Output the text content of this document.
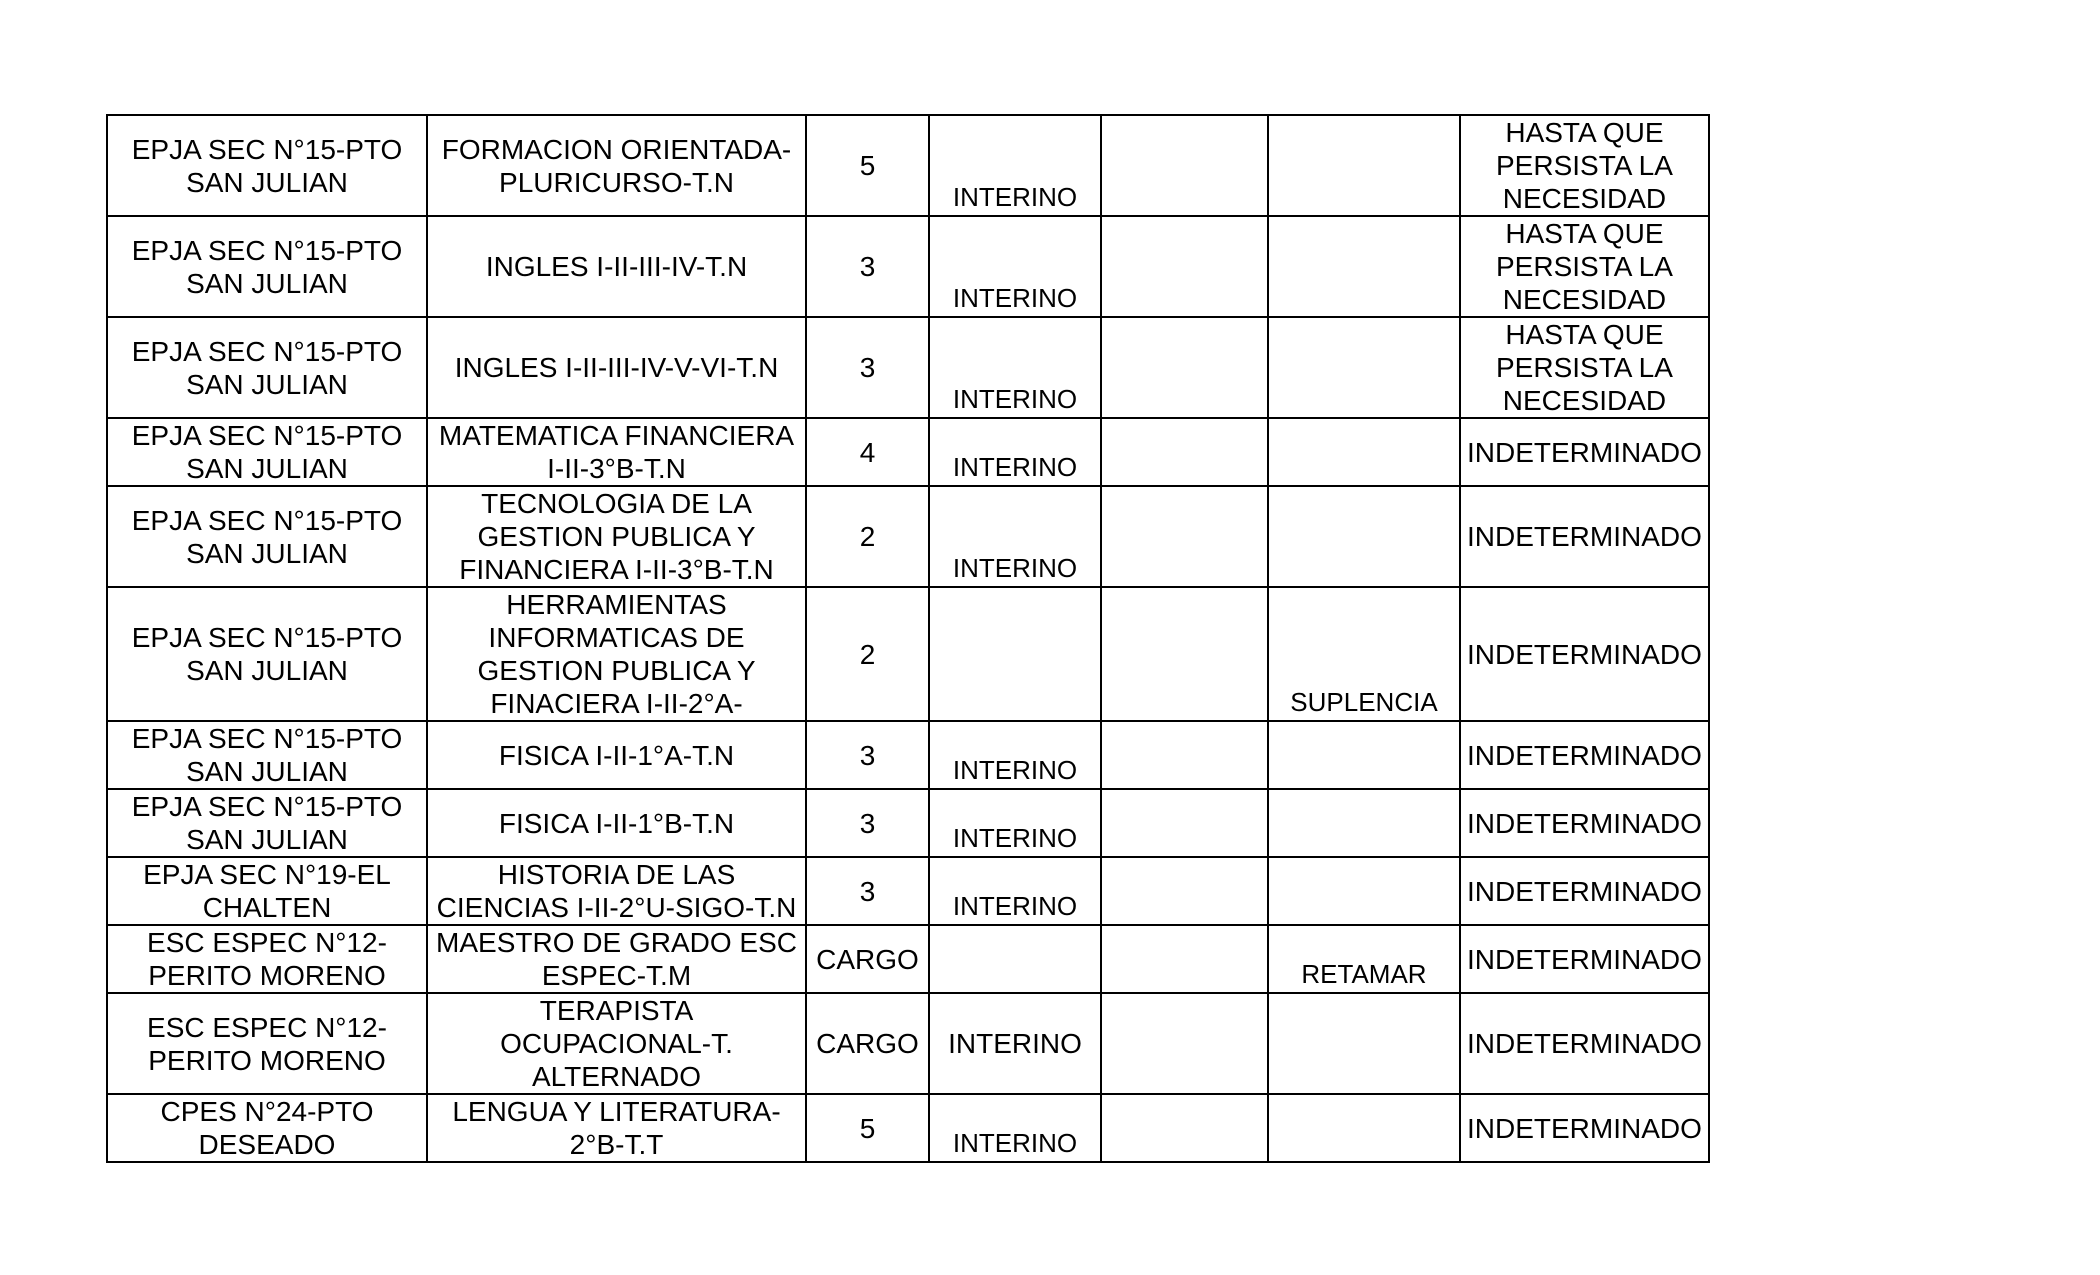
EPJA SEC N°15-PTO SAN JULIAN	FORMACION ORIENTADA-PLURICURSO-T.N	5	INTERINO			HASTA QUE PERSISTA LA NECESIDAD
EPJA SEC N°15-PTO SAN JULIAN	INGLES I-II-III-IV-T.N	3	INTERINO			HASTA QUE PERSISTA LA NECESIDAD
EPJA SEC N°15-PTO SAN JULIAN	INGLES I-II-III-IV-V-VI-T.N	3	INTERINO			HASTA QUE PERSISTA LA NECESIDAD
EPJA SEC N°15-PTO SAN JULIAN	MATEMATICA FINANCIERA I-II-3°B-T.N	4	INTERINO			INDETERMINADO
EPJA SEC N°15-PTO SAN JULIAN	TECNOLOGIA DE LA GESTION PUBLICA Y FINANCIERA I-II-3°B-T.N	2	INTERINO			INDETERMINADO
EPJA SEC N°15-PTO SAN JULIAN	HERRAMIENTAS INFORMATICAS DE GESTION PUBLICA Y FINACIERA I-II-2°A-	2			SUPLENCIA	INDETERMINADO
EPJA SEC N°15-PTO SAN JULIAN	FISICA I-II-1°A-T.N	3	INTERINO			INDETERMINADO
EPJA SEC N°15-PTO SAN JULIAN	FISICA I-II-1°B-T.N	3	INTERINO			INDETERMINADO
EPJA SEC N°19-EL CHALTEN	HISTORIA DE LAS CIENCIAS I-II-2°U-SIGO-T.N	3	INTERINO			INDETERMINADO
ESC ESPEC N°12-PERITO MORENO	MAESTRO DE GRADO ESC ESPEC-T.M	CARGO			RETAMAR	INDETERMINADO
ESC ESPEC N°12-PERITO MORENO	TERAPISTA OCUPACIONAL-T. ALTERNADO	CARGO	INTERINO			INDETERMINADO
CPES N°24-PTO DESEADO	LENGUA Y LITERATURA-2°B-T.T	5	INTERINO			INDETERMINADO
